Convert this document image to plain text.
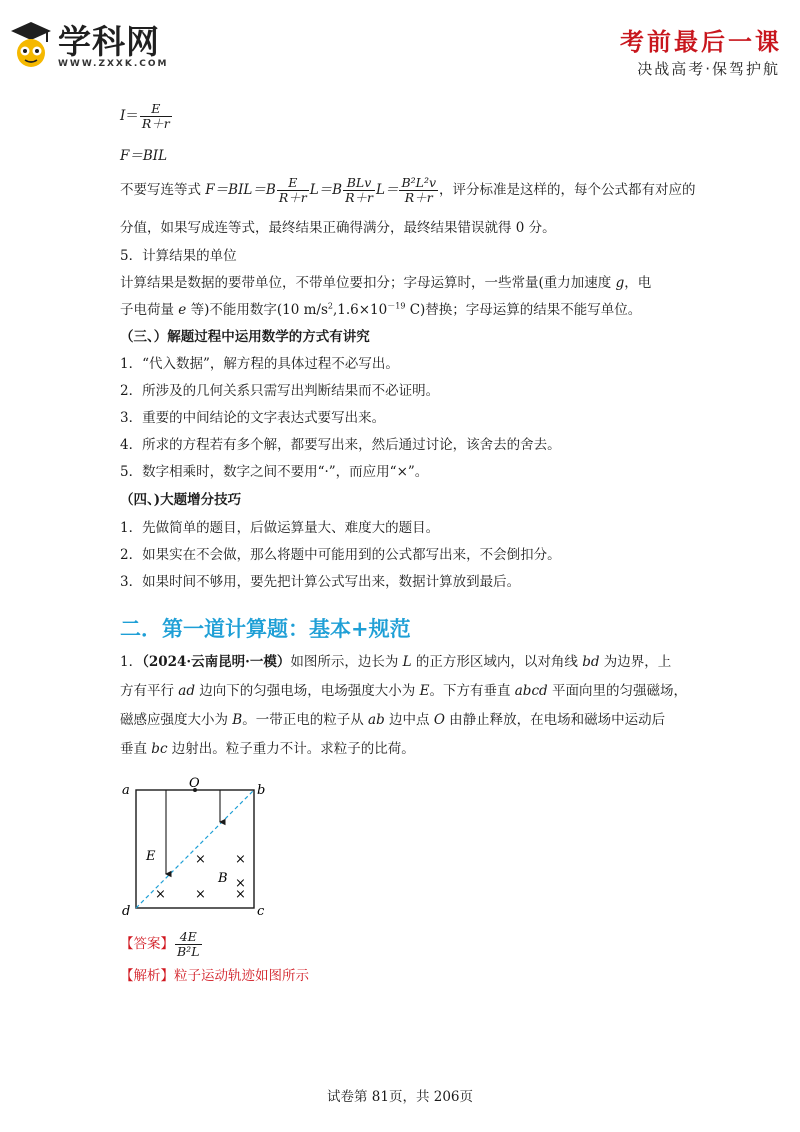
学科网
WWW.ZXXK.COM
考前最后一课
决战高考·保驾护航
$I= \frac{E}{R+r}$
F＝BIL
不要写连等式 $F=BIL=B \frac{E}{R+r} L=B \frac{\text{BLv}}{R+r} L= \frac{\text{B²L²v}}{R+r}$ ，评分标准是这样的，每个公式都有对应的
分值，如果写成连等式，最终结果正确得满分，最终结果错误就得 0 分。
5．计算结果的单位
计算结果是数据的要带单位，不带单位要扣分；字母运算时，一些常量(重力加速度 g，电
子电荷量 e 等)不能用数字(10 $m/s^2,1.6\times 10^{-19}$ C)替换；字母运算的结果不能写单位。
（三、）解题过程中运用数学的方式有讲究
1．“代入数据”，解方程的具体过程不必写出。
2．所涉及的几何关系只需写出判断结果而不必证明。
3．重要的中间结论的文字表达式要写出来。
4．所求的方程若有多个解，都要写出来，然后通过讨论，该舍去的舍去。
5．数字相乘时，数字之间不要用“·”，而应用“×”。
（四、)大题增分技巧
1．先做简单的题目，后做运算量大、难度大的题目。
2．如果实在不会做，那么将题中可能用到的公式都写出来，不会倒扣分。
3．如果时间不够用，要先把计算公式写出来，数据计算放到最后。
二．第一道计算题：基本+规范
1．（2024·云南昆明·一模）如图所示，边长为 L 的正方形区域内，以对角线 bd 为边界，上
方有平行 ad 边向下的匀强电场，电场强度大小为 E。下方有垂直 abcd 平面向里的匀强磁场，
磁感应强度大小为 B。一带正电的粒子从 ab 边中点 O 由静止释放，在电场和磁场中运动后
垂直 bc 边射出。粒子重力不计。求粒子的比荷。
【答案】 $\frac{4E}{\text{B²L}}$
【解析】粒子运动轨迹如图所示
a	b
c
d
O
E
B
× ×
×
× × ×
试卷第 81页，共 206页
